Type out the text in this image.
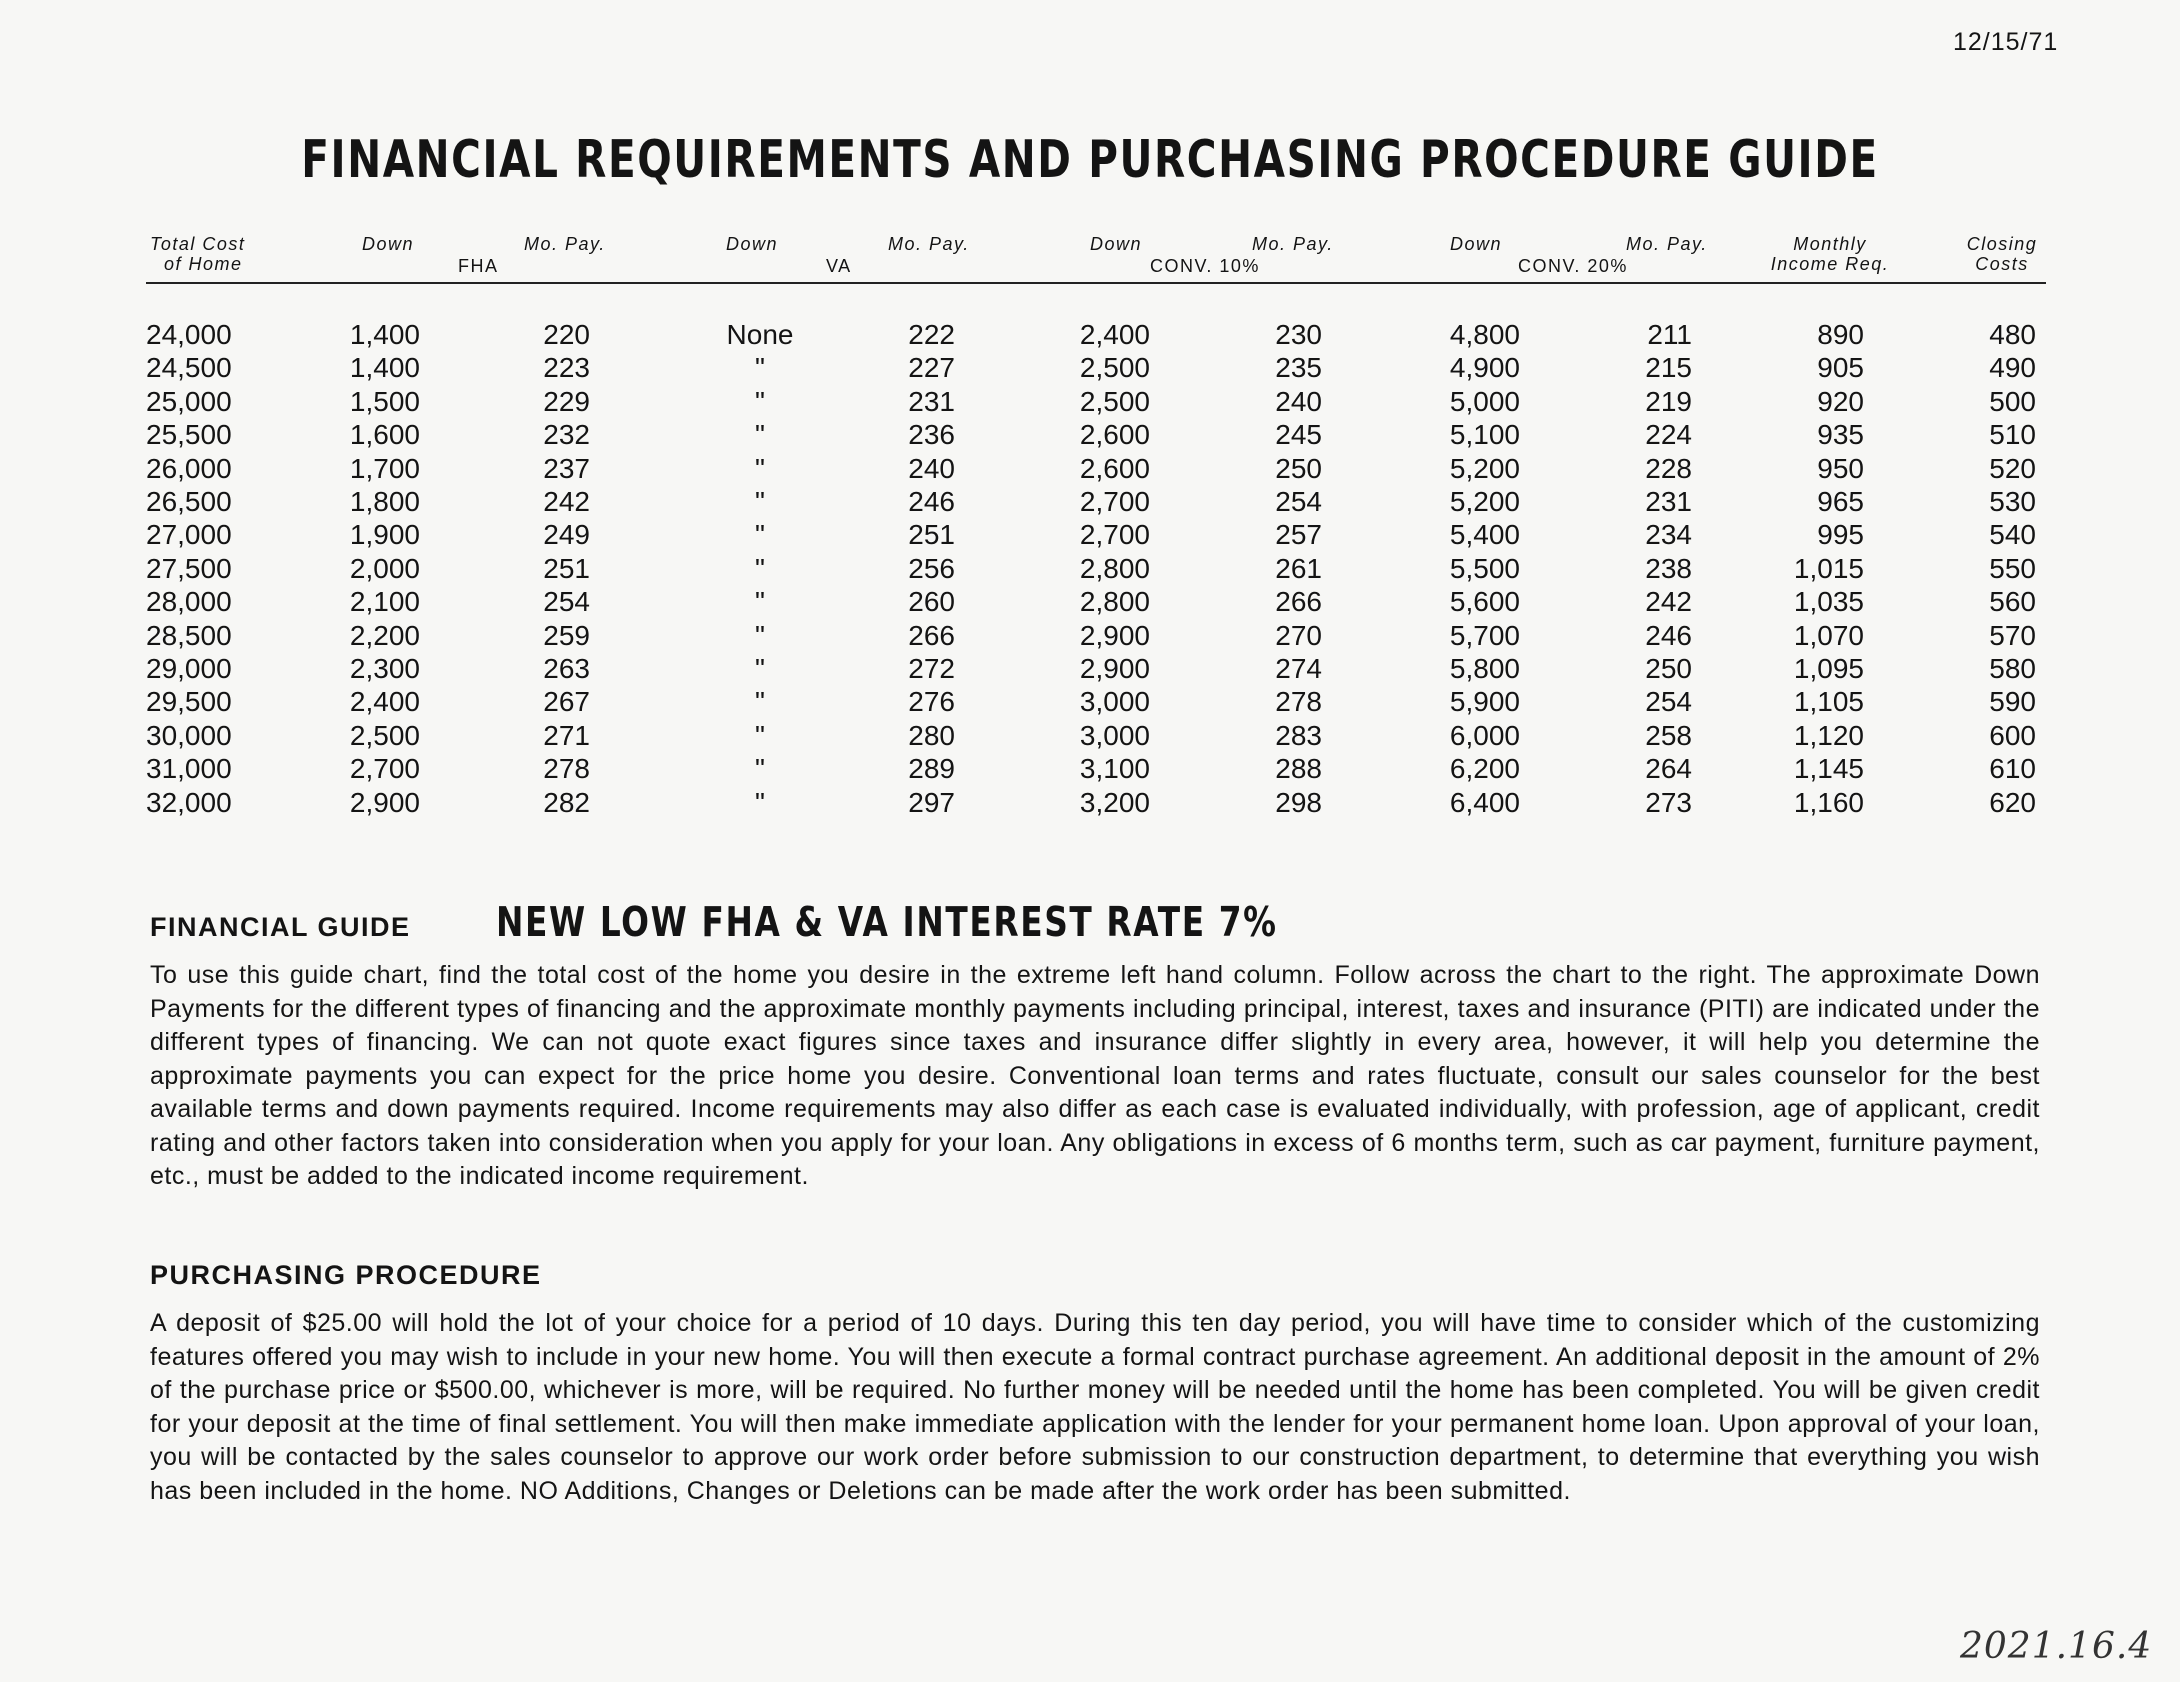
12/15/71
FINANCIAL REQUIREMENTS AND PURCHASING PROCEDURE GUIDE
Total Cost
of Home
Down	Mo. Pay.	Down	Mo. Pay.	Down	Mo. Pay.	Down	Mo. Pay.	Monthly
Income Req.
Closing
Costs
FHA	VA	CONV. 10%	CONV. 20%
24,000	1,400	220	None	222	2,400	230	4,800	211	890	480
24,500	1,400	223	"	227	2,500	235	4,900	215	905	490
25,000	1,500	229	"	231	2,500	240	5,000	219	920	500
25,500	1,600	232	"	236	2,600	245	5,100	224	935	510
26,000	1,700	237	"	240	2,600	250	5,200	228	950	520
26,500	1,800	242	"	246	2,700	254	5,200	231	965	530
27,000	1,900	249	"	251	2,700	257	5,400	234	995	540
27,500	2,000	251	"	256	2,800	261	5,500	238	1,015	550
28,000	2,100	254	"	260	2,800	266	5,600	242	1,035	560
28,500	2,200	259	"	266	2,900	270	5,700	246	1,070	570
29,000	2,300	263	"	272	2,900	274	5,800	250	1,095	580
29,500	2,400	267	"	276	3,000	278	5,900	254	1,105	590
30,000	2,500	271	"	280	3,000	283	6,000	258	1,120	600
31,000	2,700	278	"	289	3,100	288	6,200	264	1,145	610
32,000	2,900	282	"	297	3,200	298	6,400	273	1,160	620
FINANCIAL GUIDE NEW LOW FHA & VA INTEREST RATE 7%
To use this guide chart, find the total cost of the home you desire in the extreme left hand column. Follow across the chart to the right. The approximate Down Payments for the different types of financing and the approximate monthly payments including principal, interest, taxes and insurance (PITI) are indicated under the different types of financing. We can not quote exact figures since taxes and insurance differ slightly in every area, however, it will help you determine the approximate payments you can expect for the price home you desire. Conventional loan terms and rates fluctuate, consult our sales counselor for the best available terms and down payments required. Income requirements may also differ as each case is evaluated individually, with profession, age of applicant, credit rating and other factors taken into consideration when you apply for your loan. Any obligations in excess of 6 months term, such as car payment, furniture payment, etc., must be added to the indicated income requirement.
PURCHASING PROCEDURE
A deposit of $25.00 will hold the lot of your choice for a period of 10 days. During this ten day period, you will have time to consider which of the customizing features offered you may wish to include in your new home. You will then execute a formal contract purchase agreement. An additional deposit in the amount of 2% of the purchase price or $500.00, whichever is more, will be required. No further money will be needed until the home has been completed. You will be given credit for your deposit at the time of final settlement. You will then make immediate application with the lender for your permanent home loan. Upon approval of your loan, you will be contacted by the sales counselor to approve our work order before submission to our construction department, to determine that everything you wish has been included in the home. NO Additions, Changes or Deletions can be made after the work order has been submitted.
2021.16.4
